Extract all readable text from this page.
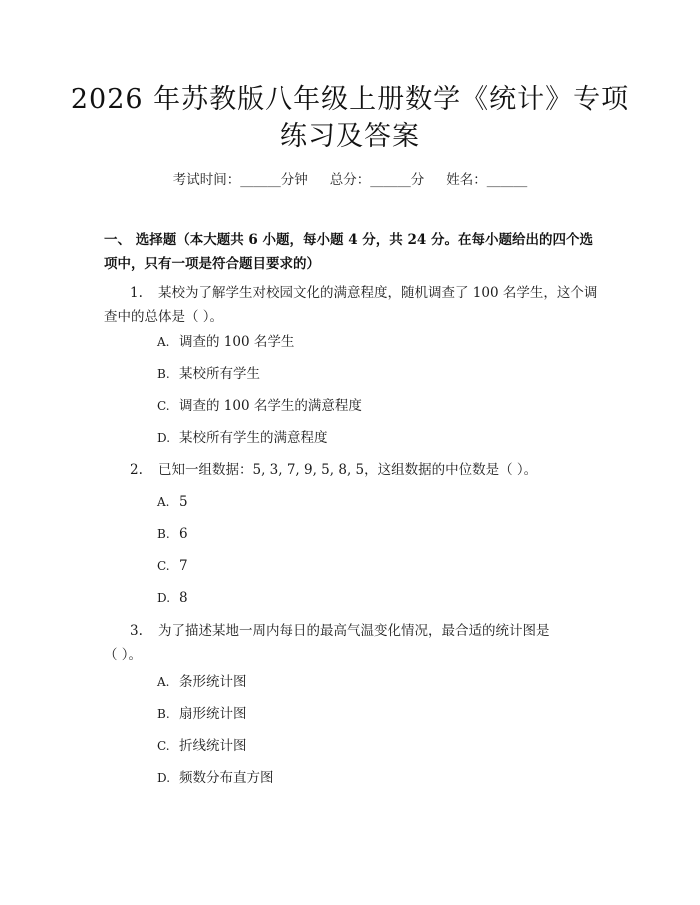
2026 年苏教版八年级上册数学《统计》专项
练习及答案
考试时间：______分钟 总分：______分 姓名：______
一、 选择题（本大题共 6 小题，每小题 4 分，共 24 分。在每小题给出的四个选
项中，只有一项是符合题目要求的）
1. 某校为了解学生对校园文化的满意程度，随机调查了 100 名学生，这个调
查中的总体是（ ）。
A. 调查的 100 名学生
B. 某校所有学生
C. 调查的 100 名学生的满意程度
D. 某校所有学生的满意程度
2. 已知一组数据：5, 3, 7, 9, 5, 8, 5，这组数据的中位数是（ ）。
A. 5
B. 6
C. 7
D. 8
3. 为了描述某地一周内每日的最高气温变化情况，最合适的统计图是
（ ）。
A. 条形统计图
B. 扇形统计图
C. 折线统计图
D. 频数分布直方图
